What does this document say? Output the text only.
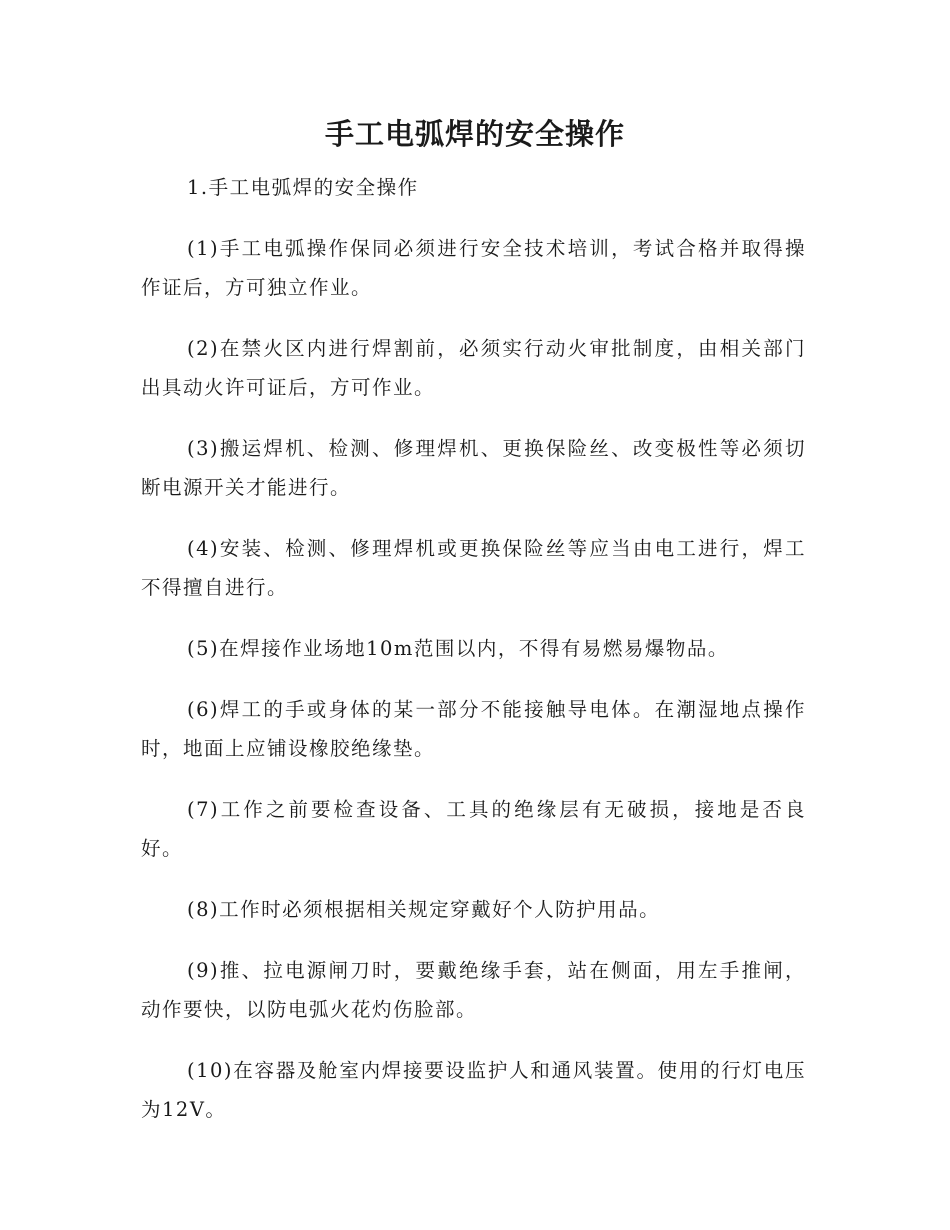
手工电弧焊的安全操作

1.手工电弧焊的安全操作

(1)手工电弧操作保同必须进行安全技术培训，考试合格并取得操作证后，方可独立作业。

(2)在禁火区内进行焊割前，必须实行动火审批制度，由相关部门出具动火许可证后，方可作业。

(3)搬运焊机、检测、修理焊机、更换保险丝、改变极性等必须切断电源开关才能进行。

(4)安装、检测、修理焊机或更换保险丝等应当由电工进行，焊工不得擅自进行。

(5)在焊接作业场地10m范围以内，不得有易燃易爆物品。

(6)焊工的手或身体的某一部分不能接触导电体。在潮湿地点操作时，地面上应铺设橡胶绝缘垫。

(7)工作之前要检查设备、工具的绝缘层有无破损，接地是否良好。

(8)工作时必须根据相关规定穿戴好个人防护用品。

(9)推、拉电源闸刀时，要戴绝缘手套，站在侧面，用左手推闸，动作要快，以防电弧火花灼伤脸部。

(10)在容器及舱室内焊接要设监护人和通风装置。使用的行灯电压为12V。
